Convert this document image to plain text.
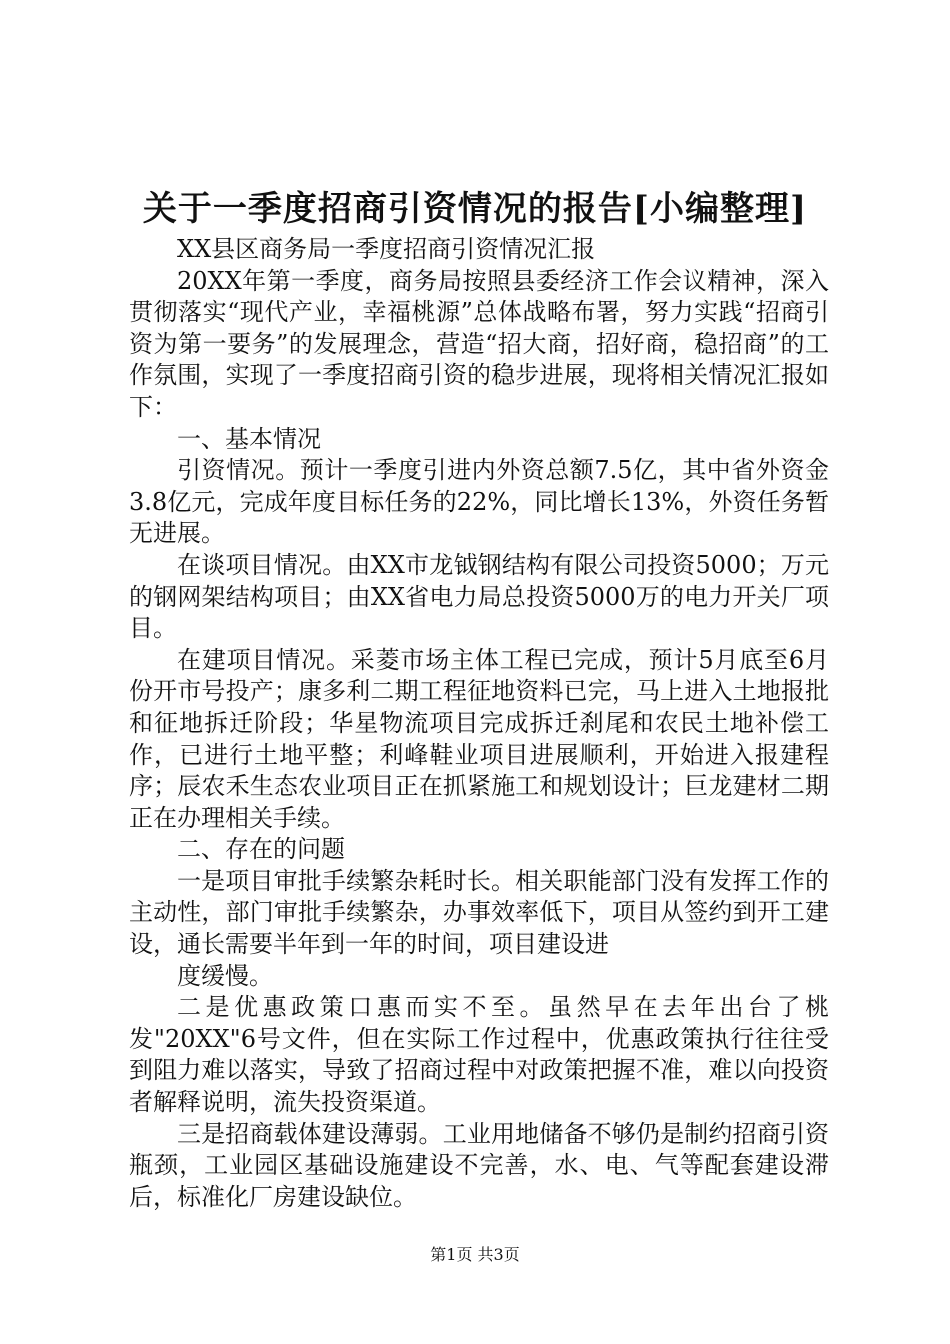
关于一季度招商引资情况的报告[小编整理]

XX县区商务局一季度招商引资情况汇报

20XX年第一季度，商务局按照县委经济工作会议精神，深入贯彻落实“现代产业，幸福桃源”总体战略布署，努力实践“招商引资为第一要务”的发展理念，营造“招大商，招好商，稳招商”的工作氛围，实现了一季度招商引资的稳步进展，现将相关情况汇报如下：

一、基本情况

引资情况。预计一季度引进内外资总额7.5亿，其中省外资金3.8亿元，完成年度目标任务的22%，同比增长13%，外资任务暂无进展。

在谈项目情况。由XX市龙钺钢结构有限公司投资5000；万元的钢网架结构项目；由XX省电力局总投资5000万的电力开关厂项目。

在建项目情况。采菱市场主体工程已完成，预计5月底至6月份开市号投产；康多利二期工程征地资料已完，马上进入土地报批和征地拆迁阶段；华星物流项目完成拆迁刹尾和农民土地补偿工作，已进行土地平整；利峰鞋业项目进展顺利，开始进入报建程序；辰农禾生态农业项目正在抓紧施工和规划设计；巨龙建材二期正在办理相关手续。

二、存在的问题

一是项目审批手续繁杂耗时长。相关职能部门没有发挥工作的主动性，部门审批手续繁杂，办事效率低下，项目从签约到开工建设，通长需要半年到一年的时间，项目建设进

度缓慢。

二是优惠政策口惠而实不至。虽然早在去年出台了桃发"20XX"6号文件，但在实际工作过程中，优惠政策执行往往受到阻力难以落实，导致了招商过程中对政策把握不准，难以向投资者解释说明，流失投资渠道。

三是招商载体建设薄弱。工业用地储备不够仍是制约招商引资瓶颈，工业园区基础设施建设不完善，水、电、气等配套建设滞后，标准化厂房建设缺位。

第1页 共3页
